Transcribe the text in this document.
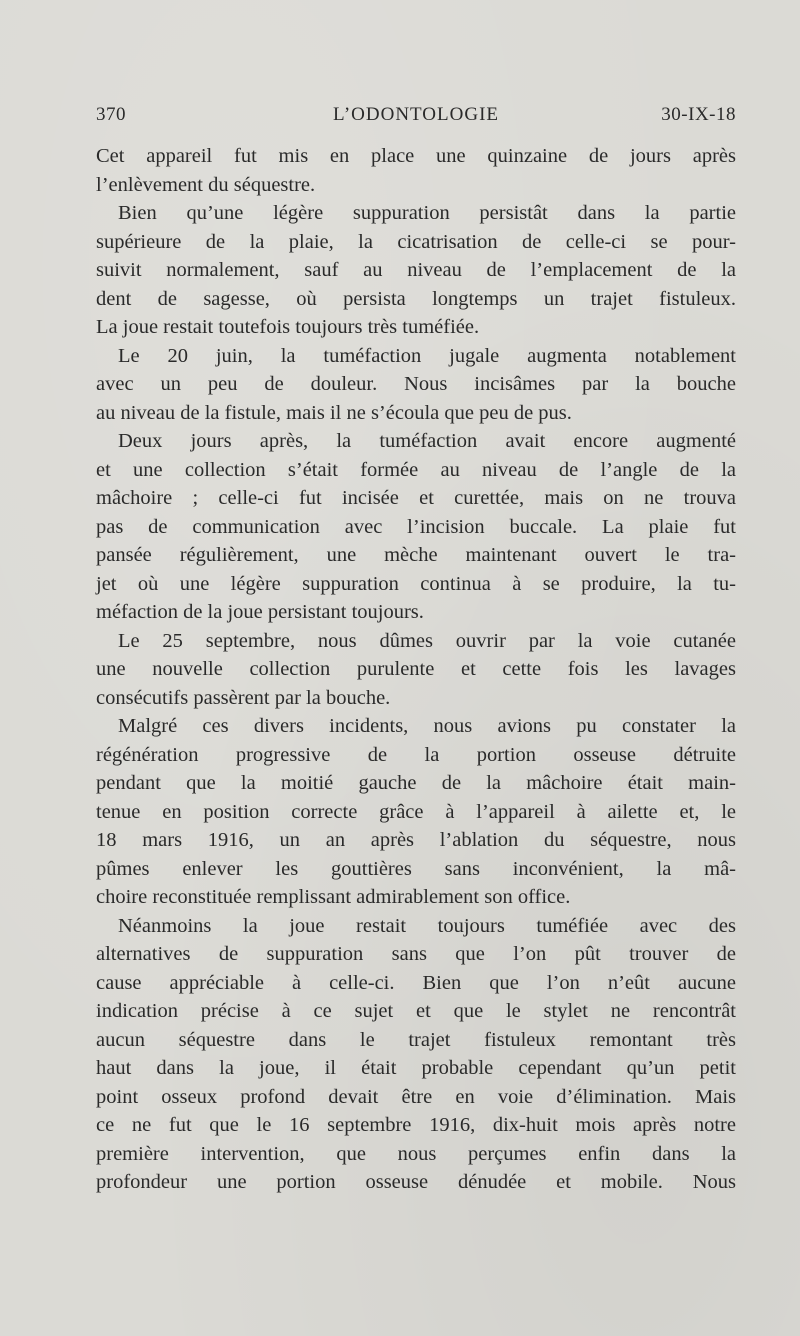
370	L’ODONTOLOGIE	30-IX-18
Cet appareil fut mis en place une quinzaine de jours après
l’enlèvement du séquestre.
Bien qu’une légère suppuration persistât dans la partie
supérieure de la plaie, la cicatrisation de celle-ci se pour-
suivit normalement, sauf au niveau de l’emplacement de la
dent de sagesse, où persista longtemps un trajet fistuleux.
La joue restait toutefois toujours très tuméfiée.
Le 20 juin, la tuméfaction jugale augmenta notablement
avec un peu de douleur. Nous incisâmes par la bouche
au niveau de la fistule, mais il ne s’écoula que peu de pus.
Deux jours après, la tuméfaction avait encore augmenté
et une collection s’était formée au niveau de l’angle de la
mâchoire ; celle-ci fut incisée et curettée, mais on ne trouva
pas de communication avec l’incision buccale. La plaie fut
pansée régulièrement, une mèche maintenant ouvert le tra-
jet où une légère suppuration continua à se produire, la tu-
méfaction de la joue persistant toujours.
Le 25 septembre, nous dûmes ouvrir par la voie cutanée
une nouvelle collection purulente et cette fois les lavages
consécutifs passèrent par la bouche.
Malgré ces divers incidents, nous avions pu constater la
régénération progressive de la portion osseuse détruite
pendant que la moitié gauche de la mâchoire était main-
tenue en position correcte grâce à l’appareil à ailette et, le
18 mars 1916, un an après l’ablation du séquestre, nous
pûmes enlever les gouttières sans inconvénient, la mâ-
choire reconstituée remplissant admirablement son office.
Néanmoins la joue restait toujours tuméfiée avec des
alternatives de suppuration sans que l’on pût trouver de
cause appréciable à celle-ci. Bien que l’on n’eût aucune
indication précise à ce sujet et que le stylet ne rencontrât
aucun séquestre dans le trajet fistuleux remontant très
haut dans la joue, il était probable cependant qu’un petit
point osseux profond devait être en voie d’élimination. Mais
ce ne fut que le 16 septembre 1916, dix-huit mois après notre
première intervention, que nous perçumes enfin dans la
profondeur une portion osseuse dénudée et mobile. Nous
